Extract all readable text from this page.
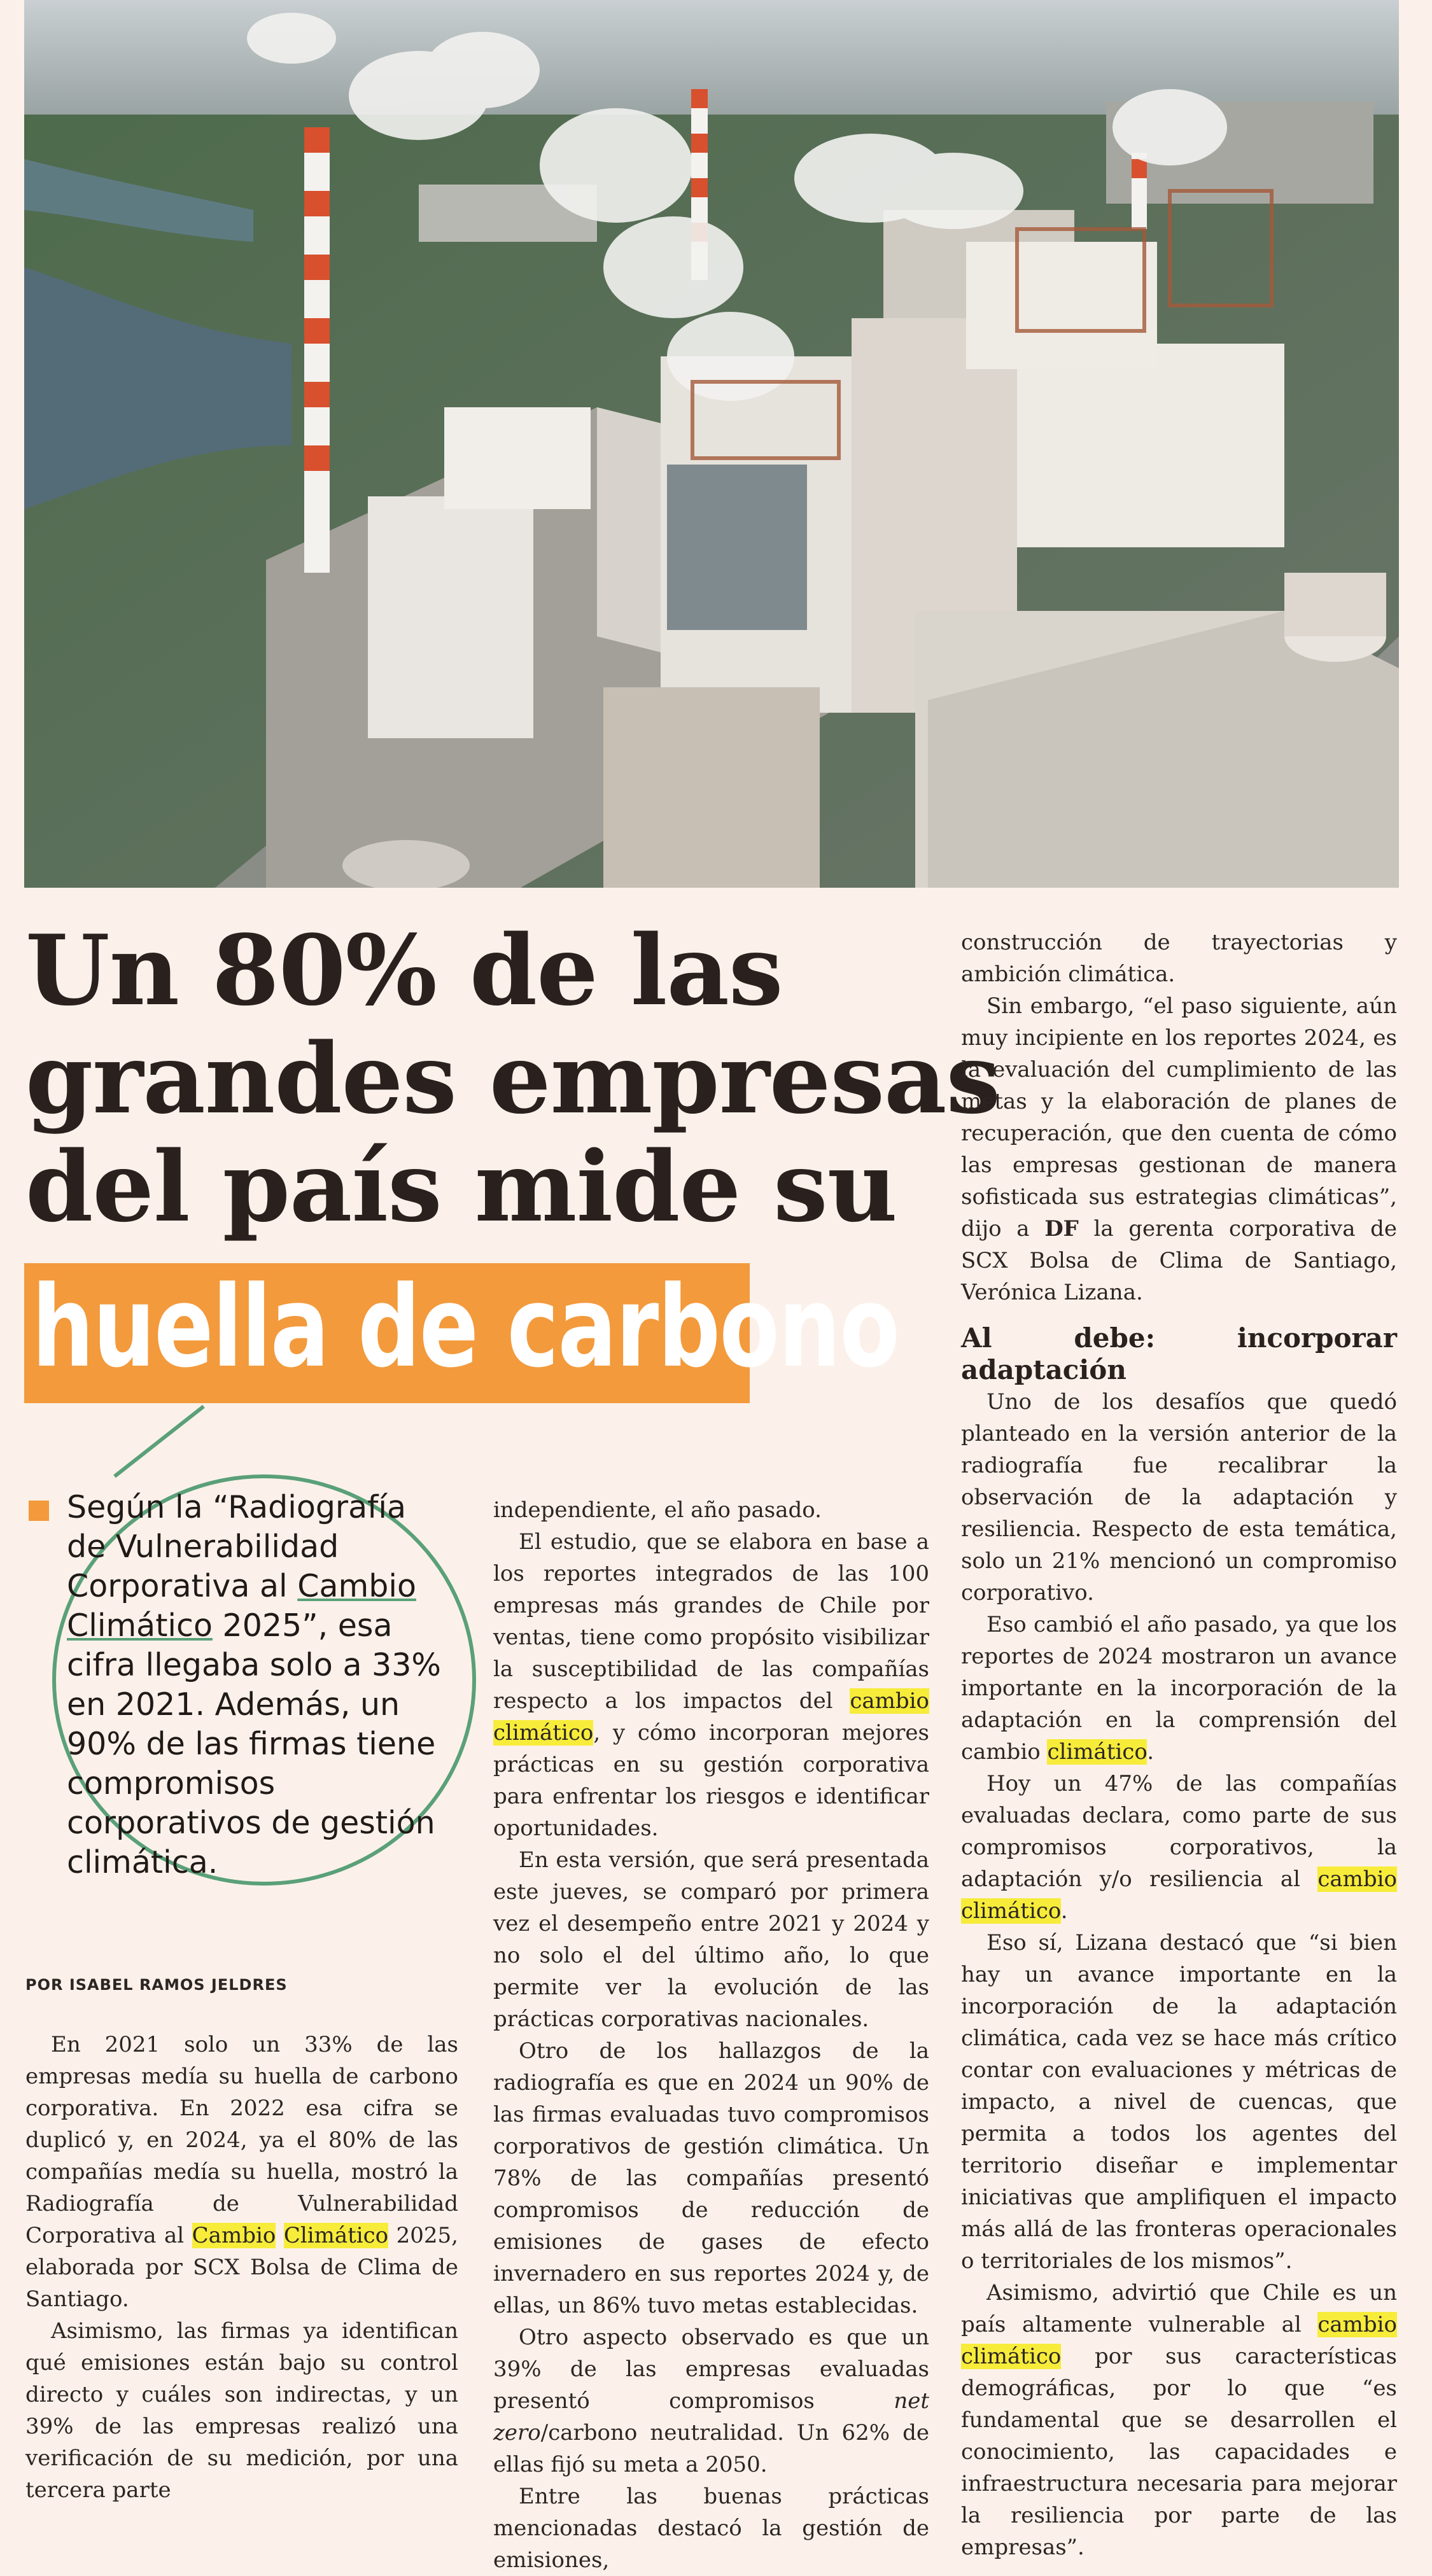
Un 80% de las
grandes empresas
del país mide su
huella de carbono
Según la “Radiografía de Vulnerabilidad Corporativa al Cambio Climático 2025”, esa cifra llegaba solo a 33% en 2021. Además, un 90% de las firmas tiene compromisos corporativos de gestión climática.
POR ISABEL RAMOS JELDRES

En 2021 solo un 33% de las empresas medía su huella de carbono corporativa. En 2022 esa cifra se duplicó y, en 2024, ya el 80% de las compañías medía su huella, mostró la Radiografía de Vulnerabilidad Corporativa al Cambio Climático 2025, elaborada por SCX Bolsa de Clima de Santiago.

Asimismo, las firmas ya identifican qué emisiones están bajo su control directo y cuáles son indirectas, y un 39% de las empresas realizó una verificación de su medición, por una tercera parte

independiente, el año pasado.

El estudio, que se elabora en base a los reportes integrados de las 100 empresas más grandes de Chile por ventas, tiene como propósito visibilizar la susceptibilidad de las compañías respecto a los impactos del cambio climático, y cómo incorporan mejores prácticas en su gestión corporativa para enfrentar los riesgos e identificar oportunidades.

En esta versión, que será presentada este jueves, se comparó por primera vez el desempeño entre 2021 y 2024 y no solo el del último año, lo que permite ver la evolución de las prácticas corporativas nacionales.

Otro de los hallazgos de la radiografía es que en 2024 un 90% de las firmas evaluadas tuvo compromisos corporativos de gestión climática. Un 78% de las compañías presentó compromisos de reducción de emisiones de gases de efecto invernadero en sus reportes 2024 y, de ellas, un 86% tuvo metas establecidas.

Otro aspecto observado es que un 39% de las empresas evaluadas presentó compromisos net zero/carbono neutralidad. Un 62% de ellas fijó su meta a 2050.

Entre las buenas prácticas mencionadas destacó la gestión de emisiones,

construcción de trayectorias y ambición climática.

Sin embargo, “el paso siguiente, aún muy incipiente en los reportes 2024, es la evaluación del cumplimiento de las metas y la elaboración de planes de recuperación, que den cuenta de cómo las empresas gestionan de manera sofisticada sus estrategias climáticas”, dijo a DF la gerenta corporativa de SCX Bolsa de Clima de Santiago, Verónica Lizana.

Al debe: incorporar adaptación

Uno de los desafíos que quedó planteado en la versión anterior de la radiografía fue recalibrar la observación de la adaptación y resiliencia. Respecto de esta temática, solo un 21% mencionó un compromiso corporativo.

Eso cambió el año pasado, ya que los reportes de 2024 mostraron un avance importante en la incorporación de la adaptación en la comprensión del cambio climático.

Hoy un 47% de las compañías evaluadas declara, como parte de sus compromisos corporativos, la adaptación y/o resiliencia al cambio climático.

Eso sí, Lizana destacó que “si bien hay un avance importante en la incorporación de la adaptación climática, cada vez se hace más crítico contar con evaluaciones y métricas de impacto, a nivel de cuencas, que permita a todos los agentes del territorio diseñar e implementar iniciativas que amplifiquen el impacto más allá de las fronteras operacionales o territoriales de los mismos”.

Asimismo, advirtió que Chile es un país altamente vulnerable al cambio climático por sus características demográficas, por lo que “es fundamental que se desarrollen el conocimiento, las capacidades e infraestructura necesaria para mejorar la resiliencia por parte de las empresas”.
